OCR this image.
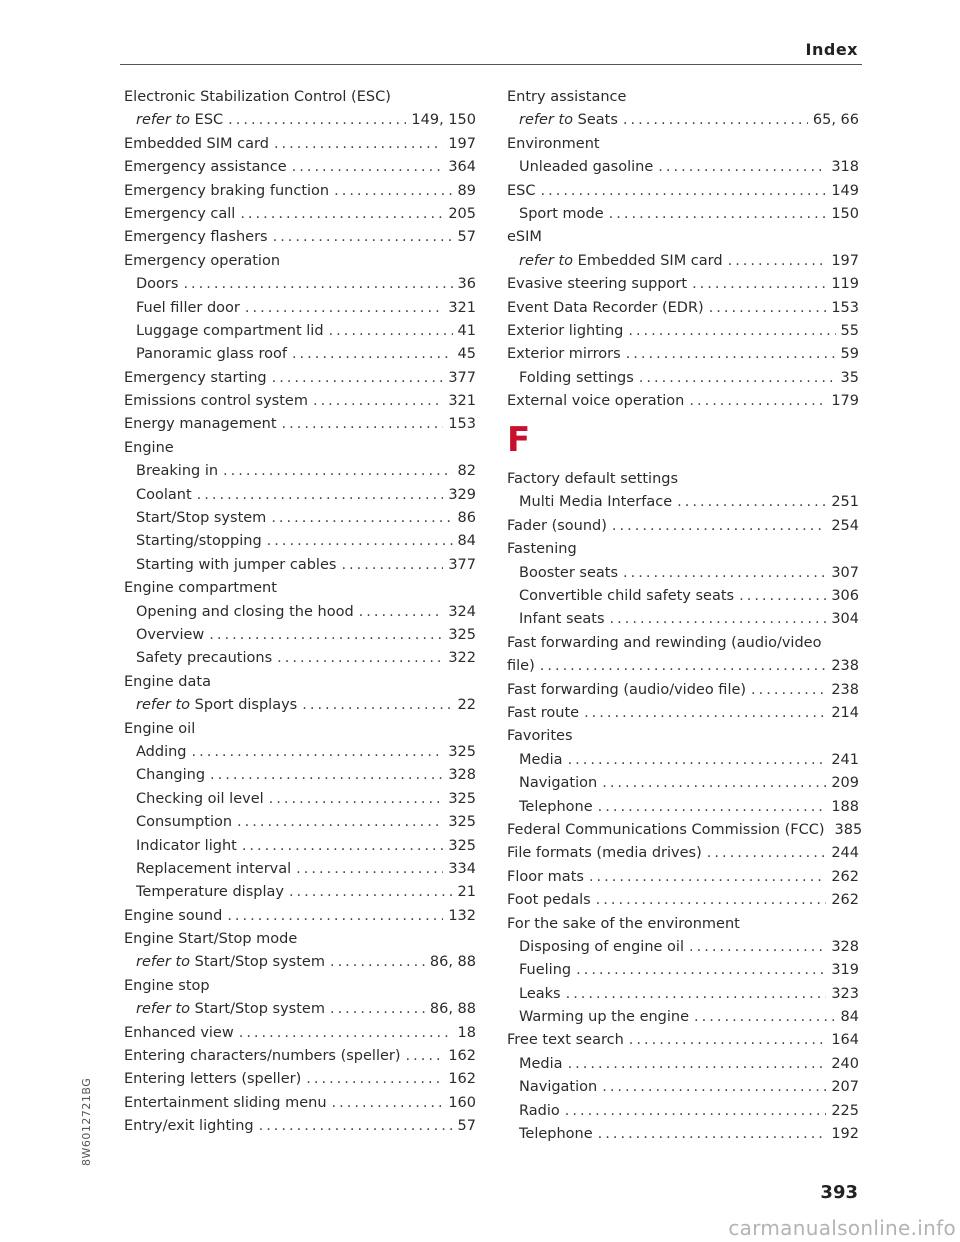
Index
Electronic Stabilization Control (ESC)
refer to ESC .....	149, 150
Embedded SIM card .....	197
Emergency assistance .....	364
Emergency braking function .....	89
Emergency call .....	205
Emergency flashers .....	57
Emergency operation
Doors .....	36
Fuel filler door .....	321
Luggage compartment lid .....	41
Panoramic glass roof .....	45
Emergency starting .....	377
Emissions control system .....	321
Energy management .....	153
Engine
Breaking in .....	82
Coolant .....	329
Start/Stop system .....	86
Starting/stopping .....	84
Starting with jumper cables .....	377
Engine compartment
Opening and closing the hood .....	324
Overview .....	325
Safety precautions .....	322
Engine data
refer to Sport displays .....	22
Engine oil
Adding .....	325
Changing .....	328
Checking oil level .....	325
Consumption .....	325
Indicator light .....	325
Replacement interval .....	334
Temperature display .....	21
Engine sound .....	132
Engine Start/Stop mode
refer to Start/Stop system .....	86, 88
Engine stop
refer to Start/Stop system .....	86, 88
Enhanced view .....	18
Entering characters/numbers (speller) .....	162
Entering letters (speller) .....	162
Entertainment sliding menu .....	160
Entry/exit lighting .....	57
Entry assistance
refer to Seats .....	65, 66
Environment
Unleaded gasoline .....	318
ESC .....	149
Sport mode .....	150
eSIM
refer to Embedded SIM card .....	197
Evasive steering support .....	119
Event Data Recorder (EDR) .....	153
Exterior lighting .....	55
Exterior mirrors .....	59
Folding settings .....	35
External voice operation .....	179
F
Factory default settings
Multi Media Interface .....	251
Fader (sound) .....	254
Fastening
Booster seats .....	307
Convertible child safety seats .....	306
Infant seats .....	304
Fast forwarding and rewinding (audio/video
file) .....	238
Fast forwarding (audio/video file) .....	238
Fast route .....	214
Favorites
Media .....	241
Navigation .....	209
Telephone .....	188
Federal Communications Commission (FCC) 385
File formats (media drives) .....	244
Floor mats .....	262
Foot pedals .....	262
For the sake of the environment
Disposing of engine oil .....	328
Fueling .....	319
Leaks .....	323
Warming up the engine .....	84
Free text search .....	164
Media .....	240
Navigation .....	207
Radio .....	225
Telephone .....	192
8W6012721BG
393
carmanualsonline.info
